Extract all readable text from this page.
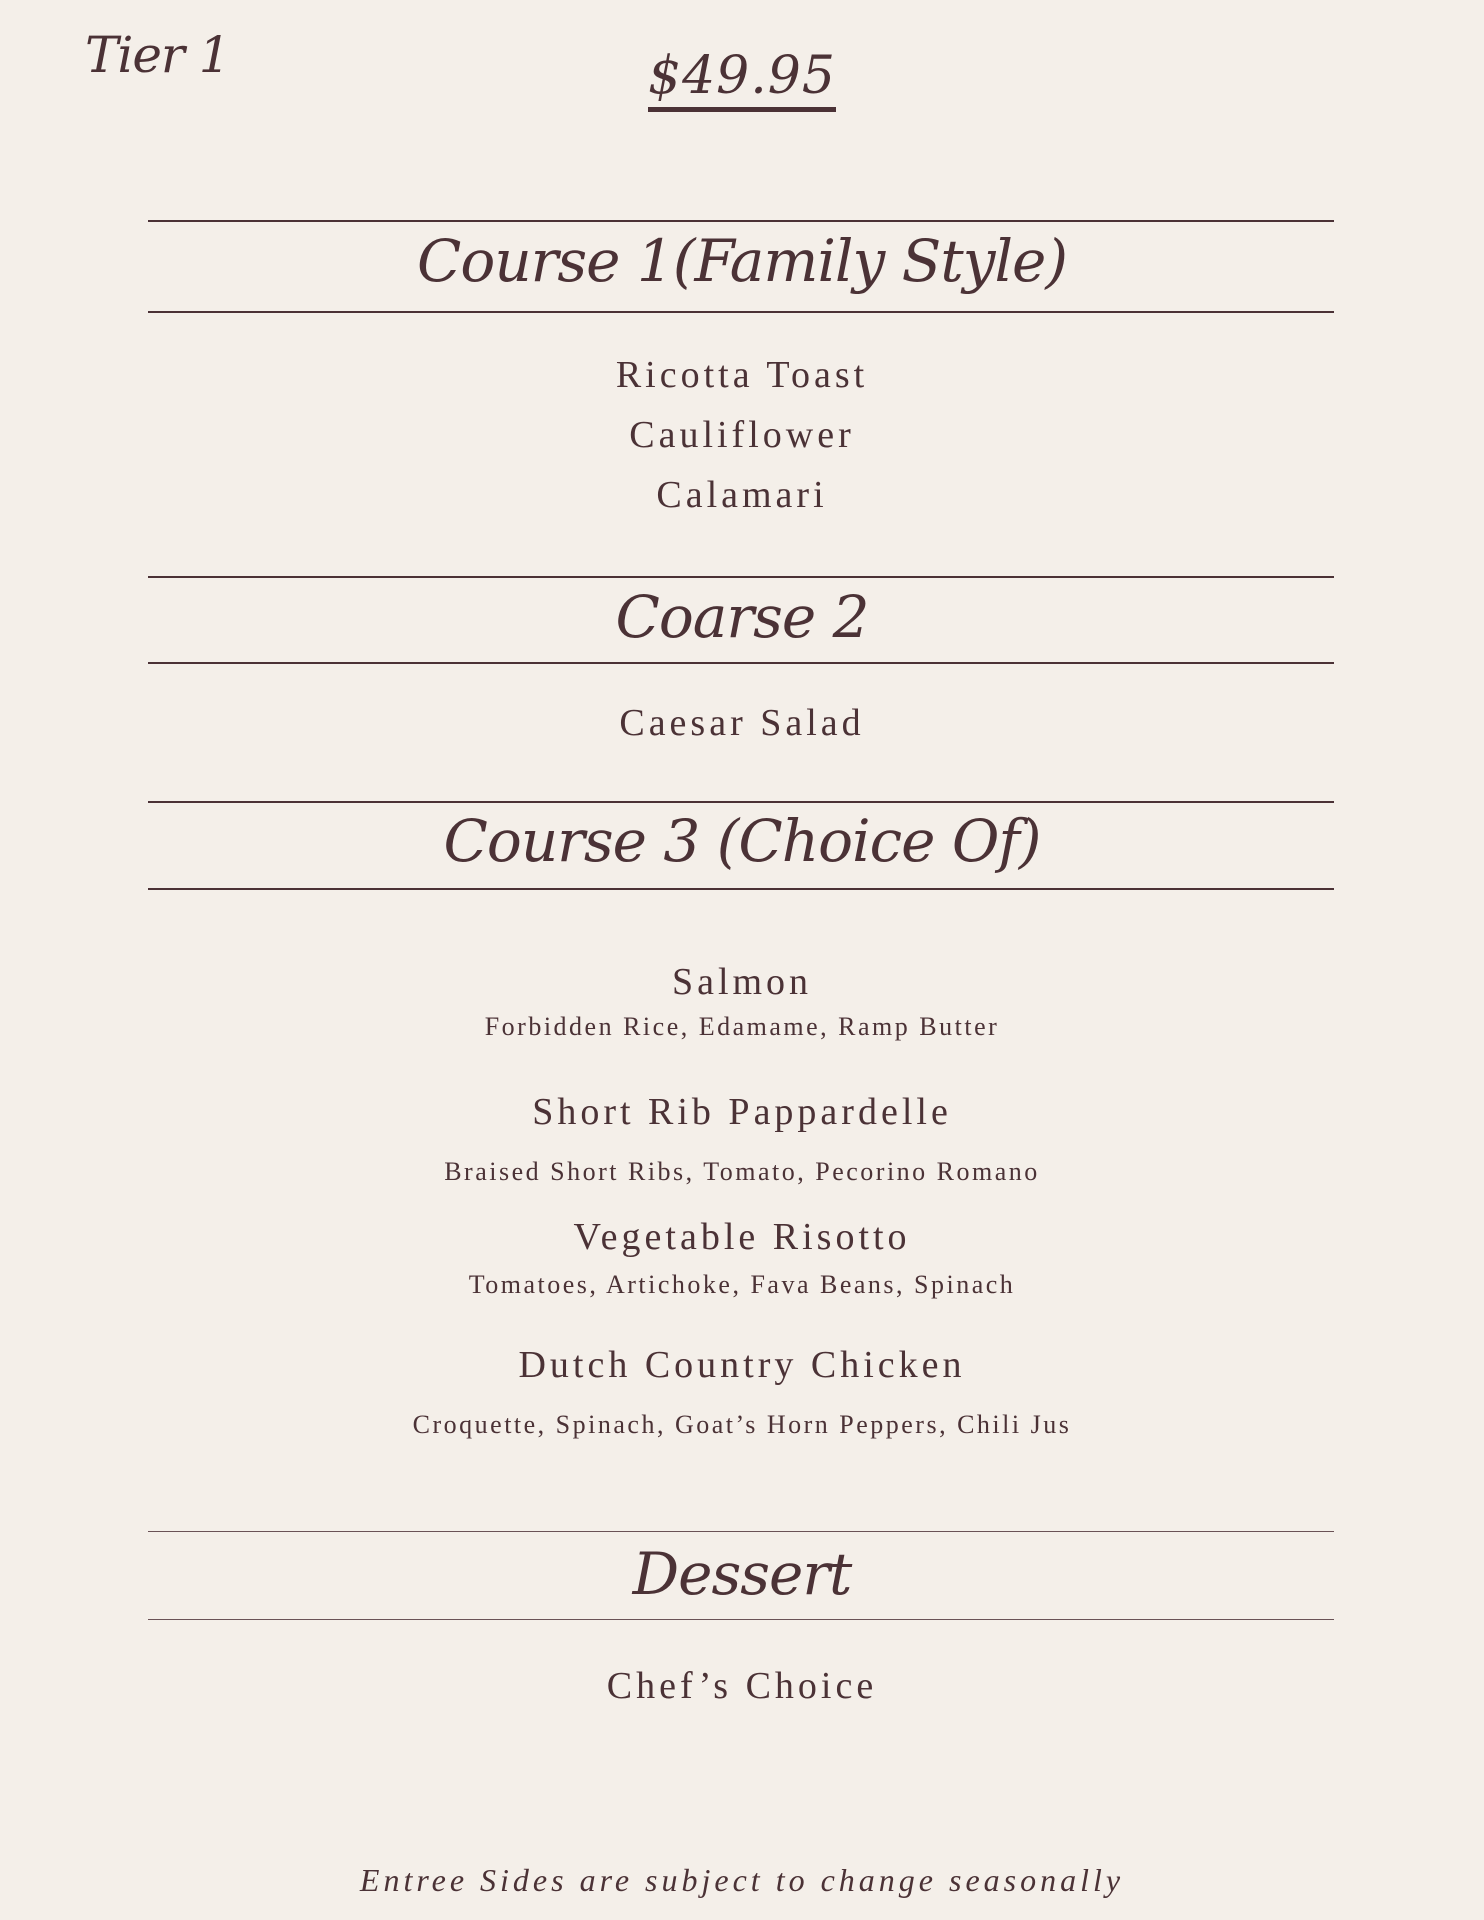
Tier 1	$49.95
Course 1(Family Style)
Ricotta Toast
Cauliflower
Calamari
Coarse 2
Caesar Salad
Course 3 (Choice Of)
Salmon
Forbidden Rice, Edamame, Ramp Butter
Short Rib Pappardelle
Braised Short Ribs, Tomato, Pecorino Romano
Vegetable Risotto
Tomatoes, Artichoke, Fava Beans, Spinach
Dutch Country Chicken
Croquette, Spinach, Goat’s Horn Peppers, Chili Jus
Dessert
Chef’s Choice
Entree Sides are subject to change seasonally
